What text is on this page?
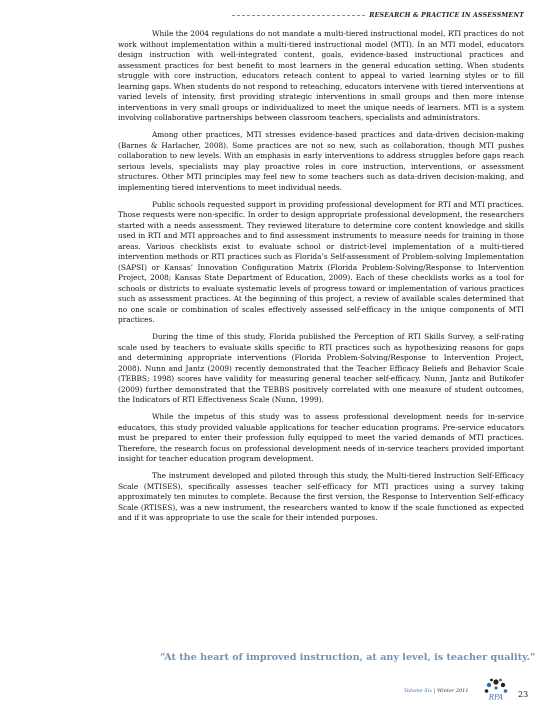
RESEARCH & PRACTICE IN ASSESSMENT

While the 2004 regulations do not mandate a multi-tiered instructional model, RTI practices do not work without implementation within a multi-tiered instructional model (MTI). In an MTI model, educators design instruction with well-integrated content, goals, evidence-based instructional practices and assessment practices for best benefit to most learners in the general education setting. When students struggle with core instruction, educators reteach content to appeal to varied learning styles or to fill learning gaps. When students do not respond to reteaching, educators intervene with tiered interventions at varied levels of intensity, first providing strategic interventions in small groups and then more intense interventions in very small groups or individualized to meet the unique needs of learners. MTI is a system involving collaborative partnerships between classroom teachers, specialists and administrators.

Among other practices, MTI stresses evidence-based practices and data-driven decision-making (Barnes & Harlacher, 2008). Some practices are not so new, such as collaboration, though MTI pushes collaboration to new levels. With an emphasis in early interventions to address struggles before gaps reach serious levels, specialists may play proactive roles in core instruction, interventions, or assessment structures. Other MTI principles may feel new to some teachers such as data-driven decision-making, and implementing tiered interventions to meet individual needs.

Public schools requested support in providing professional development for RTI and MTI practices. Those requests were non-specific. In order to design appropriate professional development, the researchers started with a needs assessment. They reviewed literature to determine core content knowledge and skills used in RTI and MTI approaches and to find assessment instruments to measure needs for training in those areas. Various checklists exist to evaluate school or district-level implementation of a multi-tiered intervention methods or RTI practices such as Florida’s Self-assessment of Problem-solving Implementation (SAPSI) or Kansas’ Innovation Configuration Matrix (Florida Problem-Solving/Response to Intervention Project, 2008; Kansas State Department of Education, 2009). Each of these checklists works as a tool for schools or districts to evaluate systematic levels of progress toward or implementation of various practices such as assessment practices. At the beginning of this project, a review of available scales determined that no one scale or combination of scales effectively assessed self-efficacy in the unique components of MTI practices.

During the time of this study, Florida published the Perception of RTI Skills Survey, a self-rating scale used by teachers to evaluate skills specific to RTI practices such as hypothesizing reasons for gaps and determining appropriate interventions (Florida Problem-Solving/Response to Intervention Project, 2008). Nunn and Jantz (2009) recently demonstrated that the Teacher Efficacy Beliefs and Behavior Scale (TEBBS; 1998) scores have validity for measuring general teacher self-efficacy. Nunn, Jantz and Butikofer (2009) further demonstrated that the TEBBS positively correlated with one measure of student outcomes, the Indicators of RTI Effectiveness Scale (Nunn, 1999).

While the impetus of this study was to assess professional development needs for in-service educators, this study provided valuable applications for teacher education programs. Pre-service educators must be prepared to enter their profession fully equipped to meet the varied demands of MTI practices. Therefore, the research focus on professional development needs of in-service teachers provided important insight for teacher education program development.

The instrument developed and piloted through this study, the Multi-tiered Instruction Self-Efficacy Scale (MTISES), specifically assesses teacher self-efficacy for MTI practices using a survey taking approximately ten minutes to complete. Because the first version, the Response to Intervention Self-efficacy Scale (RTISES), was a new instrument, the researchers wanted to know if the scale functioned as expected and if it was appropriate to use the scale for their intended purposes.

“At the heart of improved instruction, at any level, is teacher quality.”
Volume Six | Winter 2011
RPA 23
